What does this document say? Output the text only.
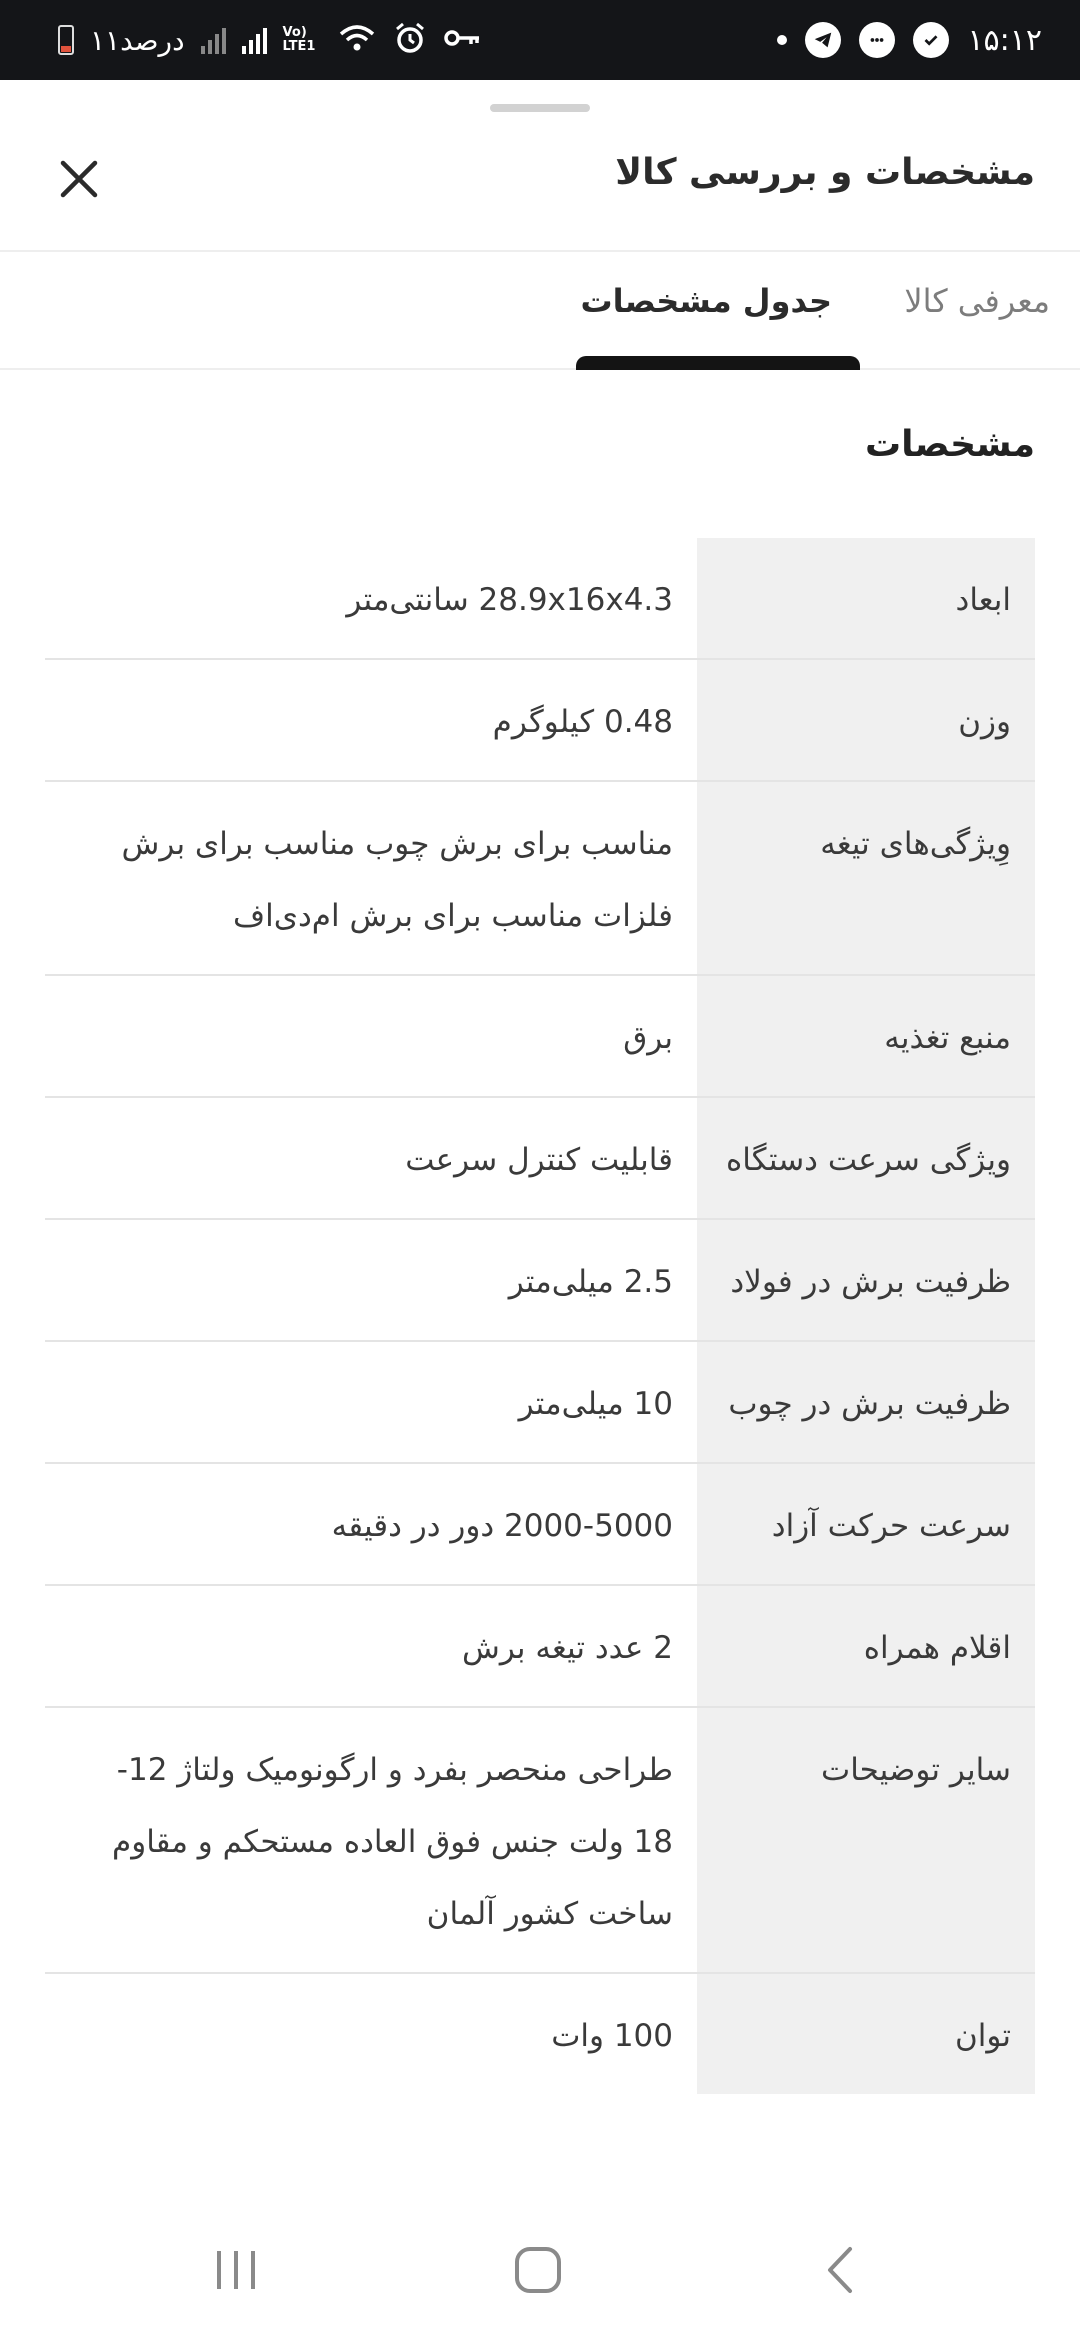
۱۵:۱۲
۱۱درصد	Vo) LTE1
مشخصات و بررسی کالا
معرفی کالا
جدول مشخصات
مشخصات
ابعاد
28.9x16x4.3 سانتی‌متر
وزن
0.48 کیلوگرم
وِیژگی‌های تیغه
مناسب برای برش چوب مناسب برای برش فلزات مناسب برای برش ام‌دی‌اف
منبع تغذیه
برق
ویژگی سرعت دستگاه
قابلیت کنترل سرعت
ظرفیت برش در فولاد
2.5 میلی‌متر
ظرفیت برش در چوب
10 میلی‌متر
سرعت حرکت آزاد
2000-5000 دور در دقیقه
اقلام همراه
2 عدد تیغه برش
سایر توضیحات
طراحی منحصر بفرد و ارگونومیک ولتاژ 12-18 ولت جنس فوق العاده مستحکم و مقاوم ساخت کشور آلمان
توان
100 وات
